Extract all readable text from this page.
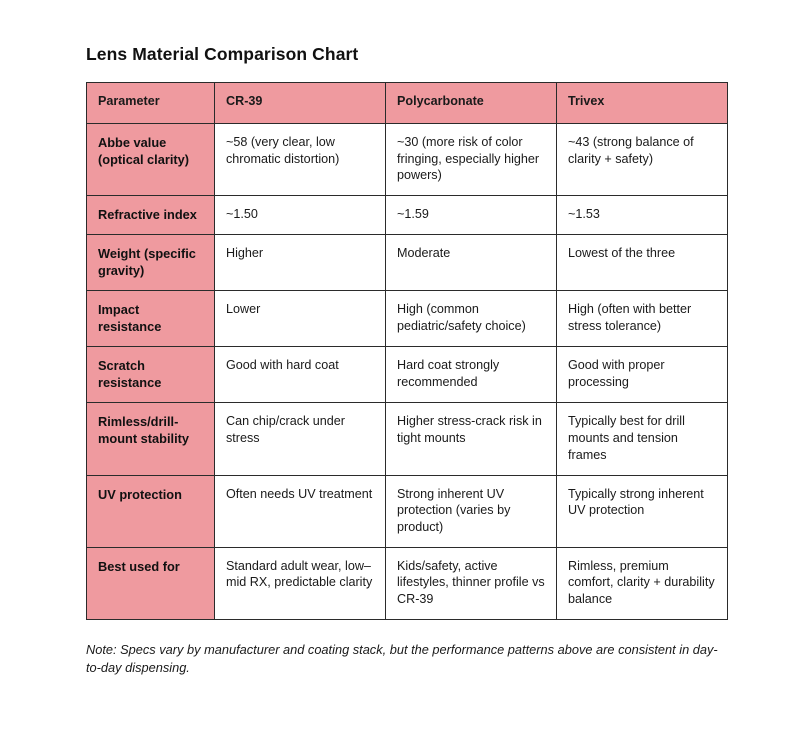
Lens Material Comparison Chart
Parameter	CR-39	Polycarbonate	Trivex
Abbe value (optical clarity)	~58 (very clear, low chromatic distortion)	~30 (more risk of color fringing, especially higher powers)	~43 (strong balance of clarity + safety)
Refractive index	~1.50	~1.59	~1.53
Weight (specific gravity)	Higher	Moderate	Lowest of the three
Impact resistance	Lower	High (common pediatric/safety choice)	High (often with better stress tolerance)
Scratch resistance	Good with hard coat	Hard coat strongly recommended	Good with proper processing
Rimless/drill-mount stability	Can chip/crack under stress	Higher stress-crack risk in tight mounts	Typically best for drill mounts and tension frames
UV protection	Often needs UV treatment	Strong inherent UV protection (varies by product)	Typically strong inherent UV protection
Best used for	Standard adult wear, low–mid RX, predictable clarity	Kids/safety, active lifestyles, thinner profile vs CR-39	Rimless, premium comfort, clarity + durability balance

Note: Specs vary by manufacturer and coating stack, but the performance patterns above are consistent in day-to-day dispensing.
